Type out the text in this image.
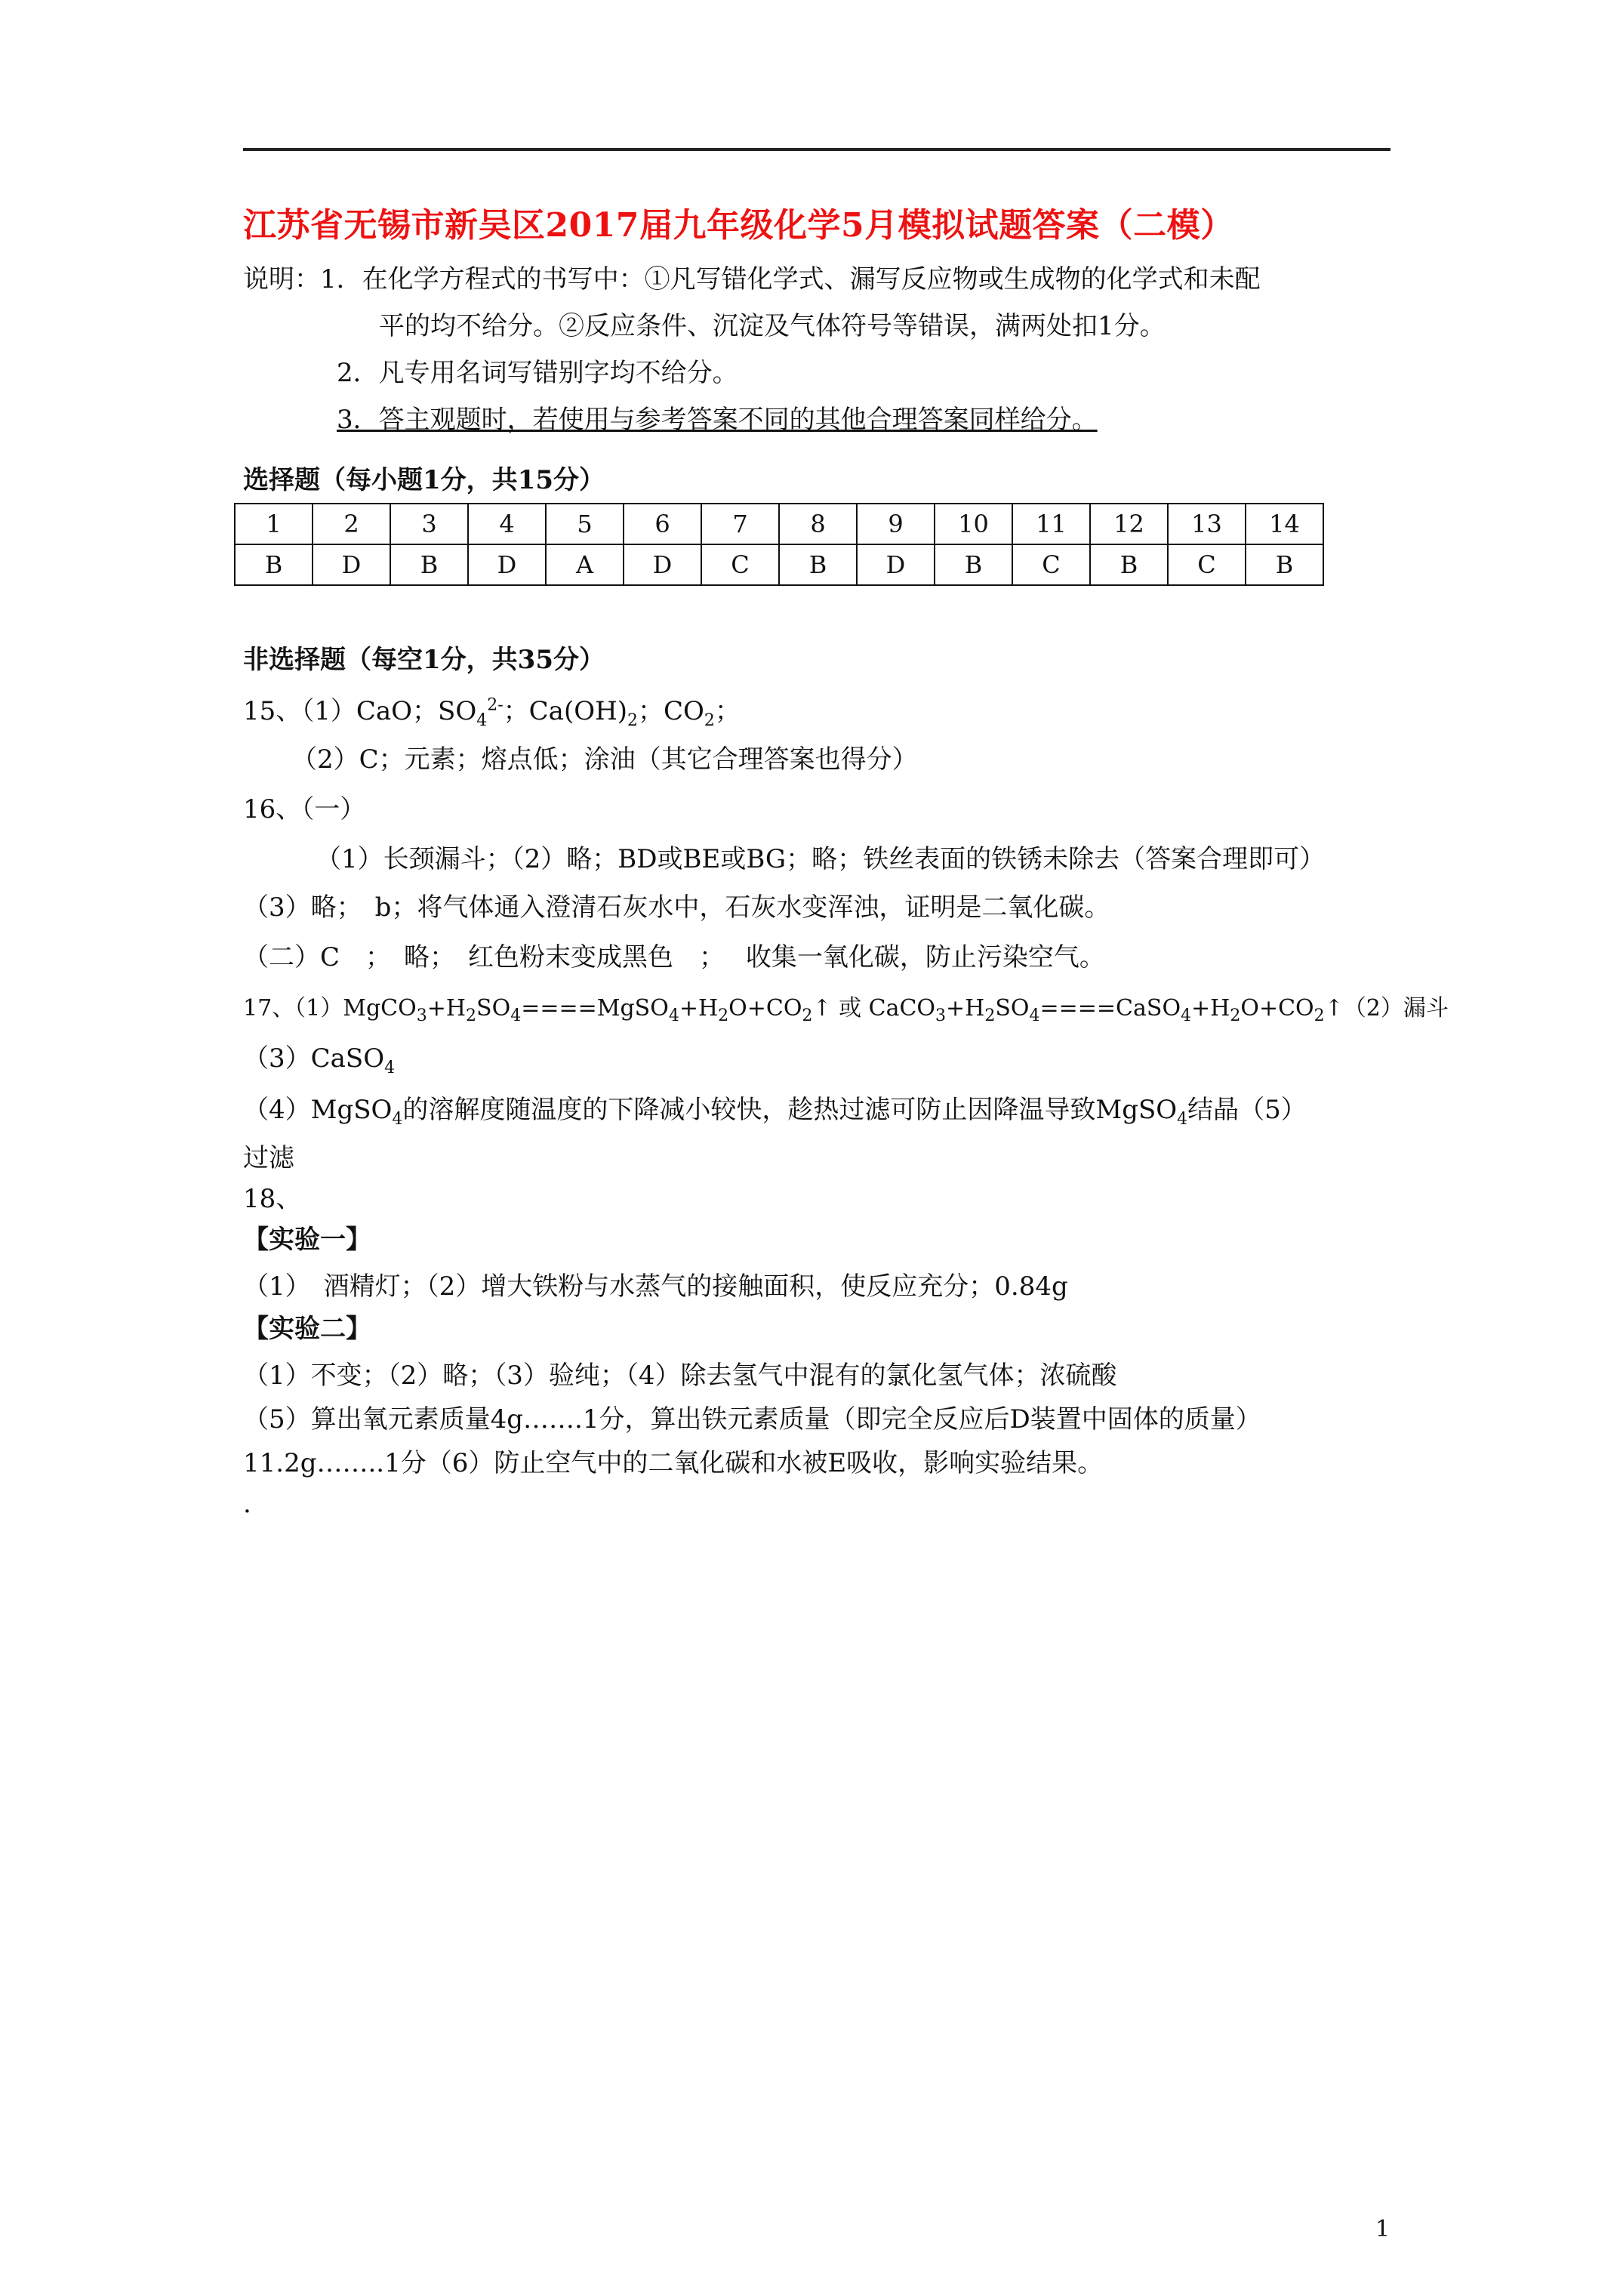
江苏省无锡市新吴区2017届九年级化学5月模拟试题答案（二模）
说明：1．在化学方程式的书写中：①凡写错化学式、漏写反应物或生成物的化学式和未配
平的均不给分。②反应条件、沉淀及气体符号等错误，满两处扣1分。
2．凡专用名词写错别字均不给分。
3．答主观题时，若使用与参考答案不同的其他合理答案同样给分。
选择题（每小题1分，共15分）
1	2	3	4	5	6	7	8	9	10	11	12	13	14
B	D	B	D	A	D	C	B	D	B	C	B	C	B
非选择题（每空1分，共35分）
15、（1）CaO；$SO_4^{2-}$；$Ca(OH)_2$；$CO_2$；
（2）C；元素；熔点低；涂油（其它合理答案也得分）
16、（一）
（1）长颈漏斗；（2）略；BD或BE或BG；略；铁丝表面的铁锈未除去（答案合理即可）
（3）略；　b；将气体通入澄清石灰水中，石灰水变浑浊，证明是二氧化碳。
（二）C　；　略；　红色粉末变成黑色　；　 收集一氧化碳，防止污染空气。
17、$(1)MgCO_3+H_2SO_4====MgSO_4+H_2O+CO_2↑$ 或 $CaCO_3+H_2SO_4====CaSO_4+H_2O+CO_2↑(2)$漏斗
（3）CaSO$_4$
（4）MgSO$_4$的溶解度随温度的下降减小较快，趁热过滤可防止因降温导致MgSO$_4$结晶（5）
过滤
18、
【实验一】
（1）　酒精灯；（2）增大铁粉与水蒸气的接触面积，使反应充分；0.84g
【实验二】
（1）不变；（2）略；（3）验纯；（4）除去氢气中混有的氯化氢气体；浓硫酸
（5）算出氧元素质量4g…….1分，算出铁元素质量（即完全反应后D装置中固体的质量）
11.2g……..1分（6）防止空气中的二氧化碳和水被E吸收，影响实验结果。
.
1
